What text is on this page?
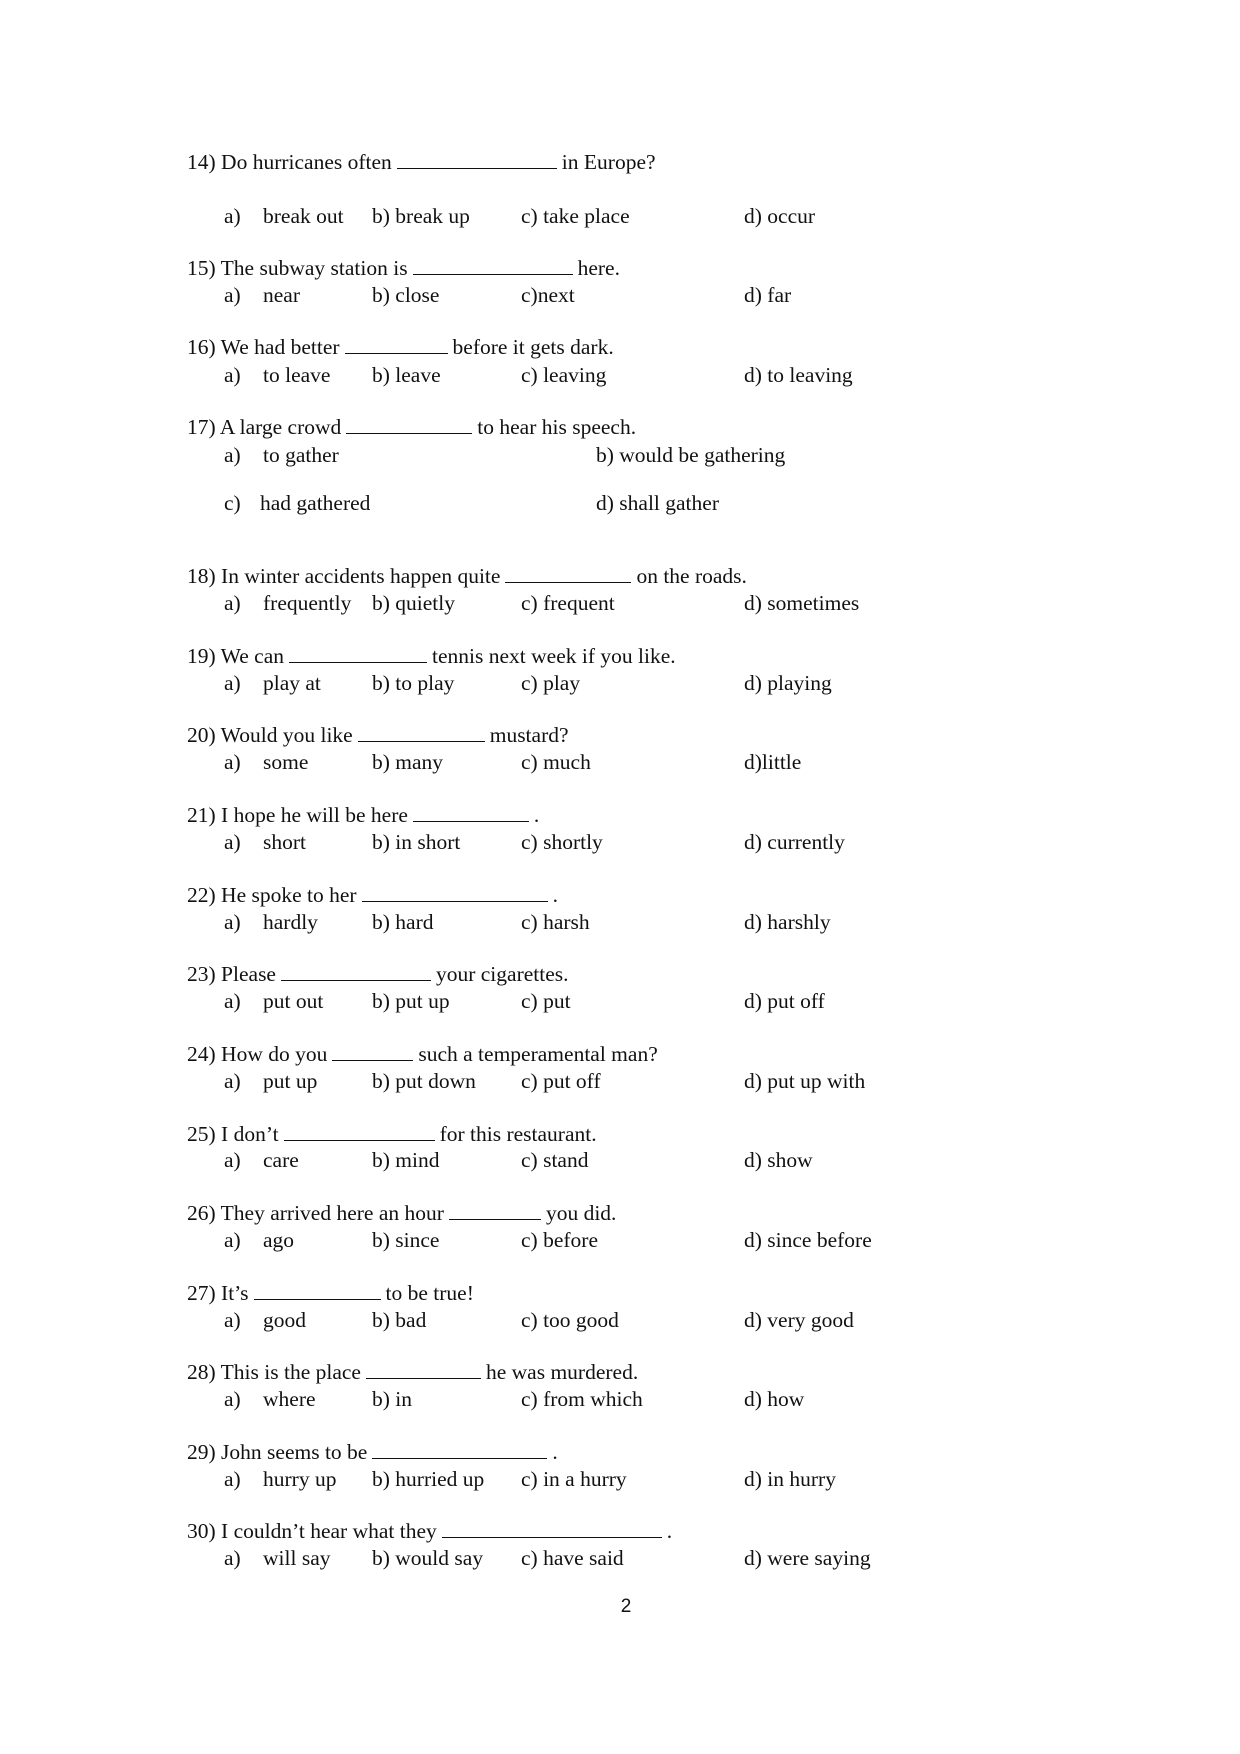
2
14) Do hurricanes often	in Europe?
a) break out b) break up c) take place	d) occur
15) The subway station is	here.
a) near	b) close	c)next	d) far
16) We had better	before it gets dark.
a) to leave b) leave	c) leaving	d) to leaving
17) A large crowd	to hear his speech.
a) to gather	b) would be gathering
c) had gathered	d) shall gather
18) In winter accidents happen quite	on the roads.
a) frequently b) quietly	c) frequent	d) sometimes
19) We can	tennis next week if you like.
a) play at b) to play	c) play	d) playing
20) Would you like	mustard?
a) some	b) many	c) much	d)little
21) I hope he will be here	.
a) short	b) in short	c) shortly	d) currently
22) He spoke to her	.
a) hardly	b) hard	c) harsh	d) harshly
23) Please	your cigarettes.
a) put out b) put up	c) put	d) put off
24) How do you	such a temperamental man?
a) put up	b) put down c) put off	d) put up with
25) I don’t	for this restaurant.
a) care	b) mind	c) stand	d) show
26) They arrived here an hour	you did.
a) ago	b) since	c) before	d) since before
27) It’s	to be true!
a) good	b) bad	c) too good	d) very good
28) This is the place	he was murdered.
a) where	b) in	c) from which	d) how
29) John seems to be	.
a) hurry up b) hurried up c) in a hurry	d) in hurry
30) I couldn’t hear what they	.
a) will say b) would say c) have said	d) were saying
